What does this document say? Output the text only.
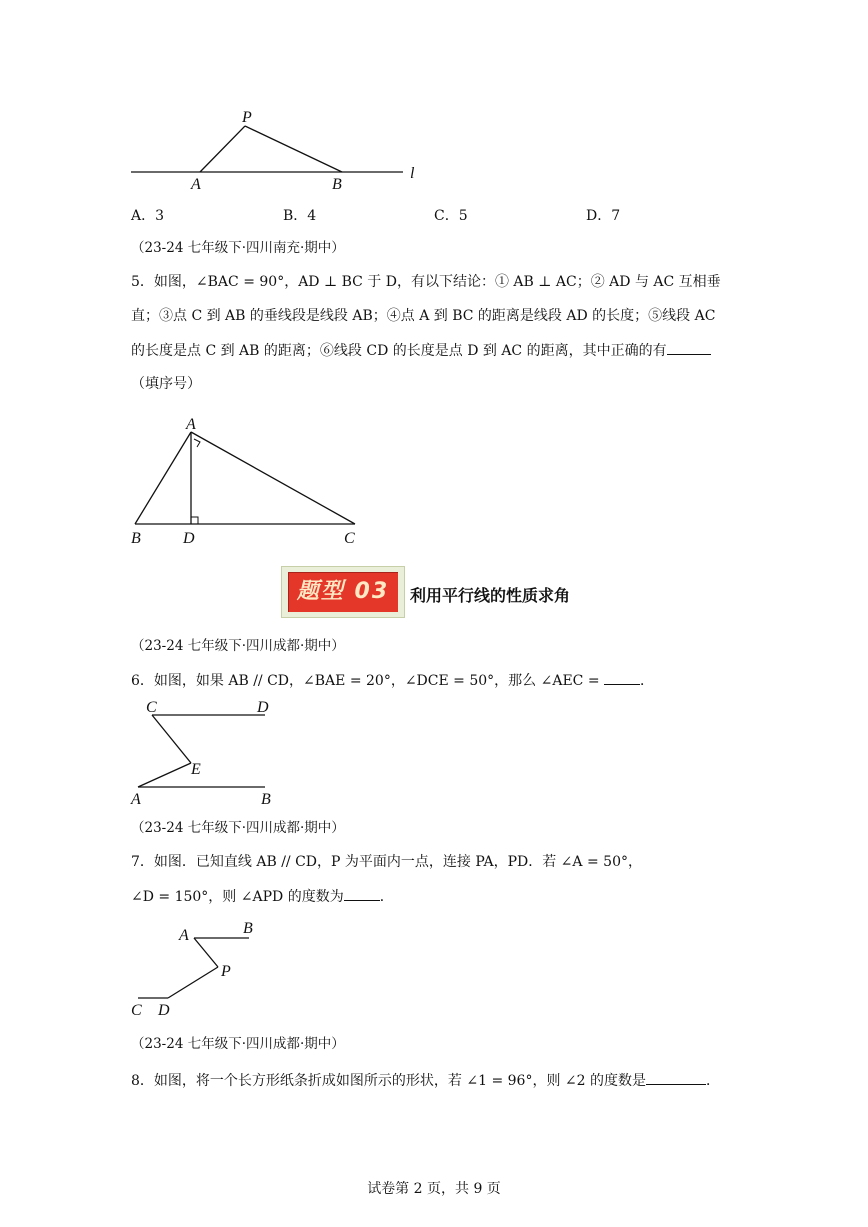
P
A	B
l
A．3	B．4	C．5	D．7
（23-24 七年级下·四川南充·期中）
5．如图，∠BAC = 90°，AD ⊥ BC 于 D，有以下结论：① AB ⊥ AC；② AD 与 AC 互相垂
直；③点 C 到 AB 的垂线段是线段 AB；④点 A 到 BC 的距离是线段 AD 的长度；⑤线段 AC
的长度是点 C 到 AB 的距离；⑥线段 CD 的长度是点 D 到 AC 的距离，其中正确的有
（填序号）
A
B	D	C
题型 03	利用平行线的性质求角
（23-24 七年级下·四川成都·期中）
6．如图，如果 AB // CD，∠BAE = 20°，∠DCE = 50°，那么 ∠AEC =	．
C	D
E
A	B
（23-24 七年级下·四川成都·期中）
7．如图．已知直线 AB // CD，P 为平面内一点，连接 PA，PD．若 ∠A = 50°，
∠D = 150°，则 ∠APD 的度数为	．
A	B
P
C D
（23-24 七年级下·四川成都·期中）
8．如图，将一个长方形纸条折成如图所示的形状，若 ∠1 = 96°，则 ∠2 的度数是	．
试卷第 2 页，共 9 页
